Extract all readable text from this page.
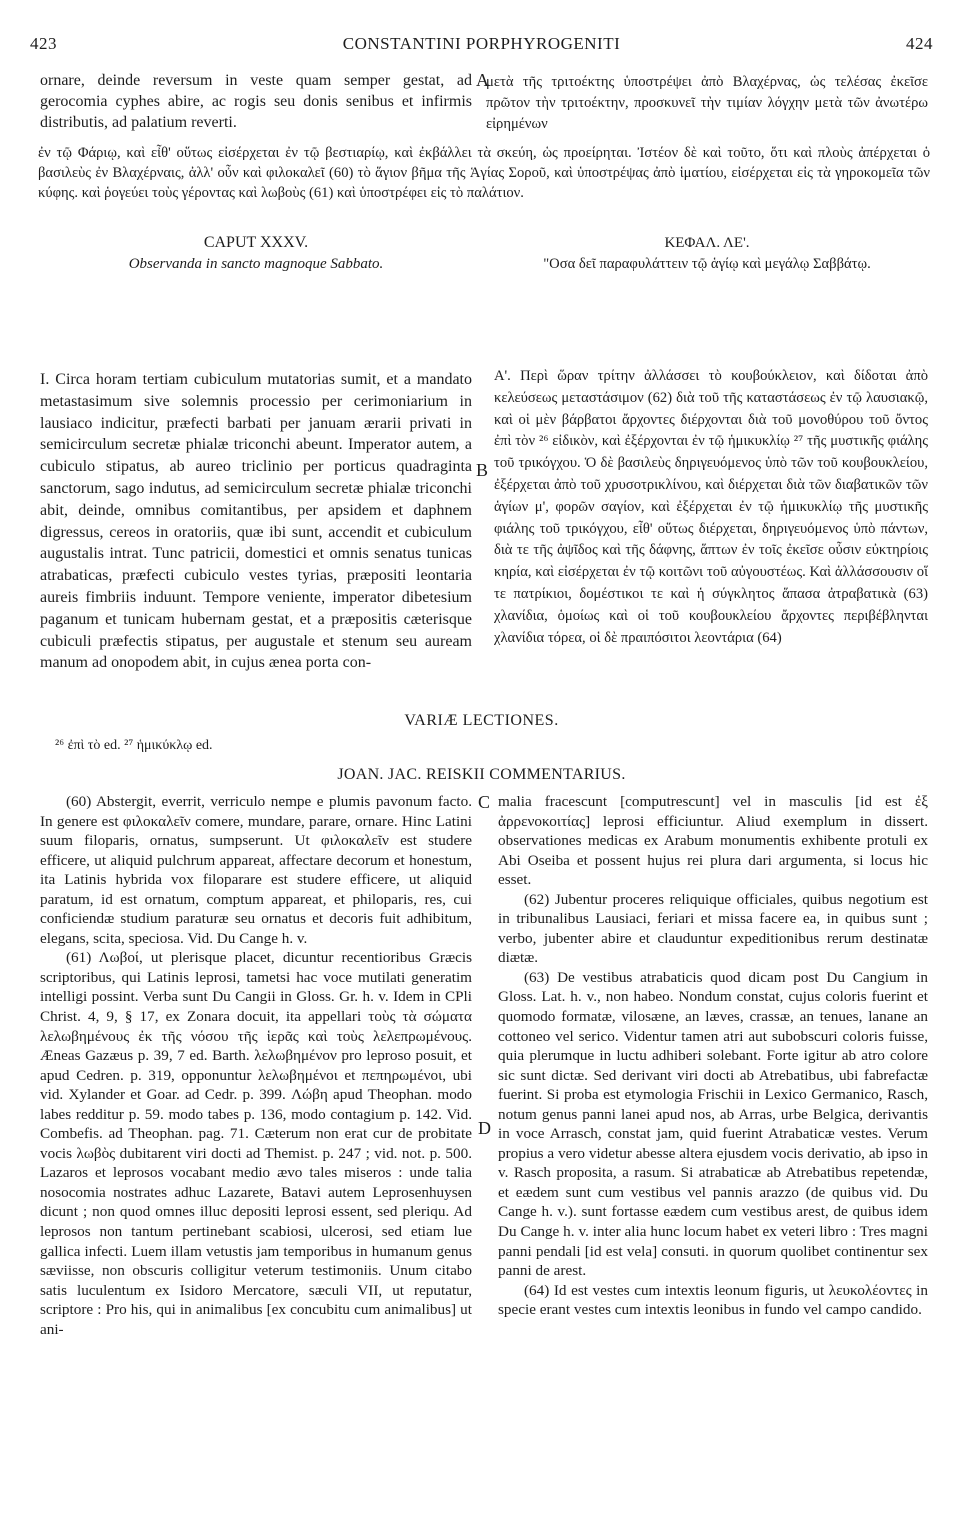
423	CONSTANTINI PORPHYROGENITI	424

ornare, deinde reversum in veste quam semper gestat, ad gerocomia cyphes abire, ac rogis seu donis senibus et infirmis distributis, ad palatium reverti.

A

μετὰ τῆς τριτοέκτης ὑποστρέψει ἀπὸ Βλαχέρνας, ὡς τελέσας ἐκεῖσε πρῶτον τὴν τριτοέκτην, προσκυνεῖ τὴν τιμίαν λόγχην μετὰ τῶν ἀνωτέρω εἰρημένων

ἐν τῷ Φάριῳ, καὶ εἶθ' οὕτως εἰσέρχεται ἐν τῷ βεστιαρίῳ, καὶ ἐκβάλλει τὰ σκεύη, ὡς προείρηται. Ἰστέον δὲ καὶ τοῦτο, ὅτι καὶ πλοὺς ἀπέρχεται ὁ βασιλεὺς ἐν Βλαχέρναις, ἀλλ' οὖν καὶ φιλοκαλεῖ (60) τὸ ἅγιον βῆμα τῆς Ἁγίας Σοροῦ, καὶ ὑποστρέψας ἀπὸ ἱματίου, εἰσέρχεται εἰς τὰ γηροκομεῖα τῶν κύφης. καὶ ῥογεύει τοὺς γέροντας καὶ λωβοὺς (61) καὶ ὑποστρέφει εἰς τὸ παλάτιον.

CAPUT XXXV.	ΚΕΦΑΛ. ΛΕ'.
Observanda in sancto magnoque Sabbato.	"Οσα δεῖ παραφυλάττειν τῷ ἁγίῳ καὶ μεγάλῳ Σαββάτῳ.

I. Circa horam tertiam cubiculum mutatorias sumit, et a mandato metastasimum sive solemnis processio per cerimoniarium in lausiaco indicitur, præfecti barbati per januam ærarii privati in semicirculum secretæ phialæ triconchi abeunt. Imperator autem, a cubiculo stipatus, ab aureo triclinio per porticus quadraginta sanctorum, sago indutus, ad semicirculum secretæ phialæ triconchi abit, deinde, omnibus comitantibus, per apsidem et daphnem digressus, cereos in oratoriis, quæ ibi sunt, accendit et cubiculum augustalis intrat. Tunc patricii, domestici et omnis senatus tunicas atrabaticas, præfecti cubiculo vestes tyrias, præpositi leontaria aureis fimbriis induunt. Tempore veniente, imperator dibetesium paganum et tunicam hubernam gestat, et a præpositis cæterisque cubiculi præfectis stipatus, per augustale et stenum seu auream manum ad onopodem abit, in cujus ænea porta con-

B

Α'. Περὶ ὥραν τρίτην ἀλλάσσει τὸ κουβούκλειον, καὶ δίδοται ἀπὸ κελεύσεως μεταστάσιμον (62) διὰ τοῦ τῆς καταστάσεως ἐν τῷ λαυσιακῷ, καὶ οἱ μὲν βάρβατοι ἄρχοντες διέρχονται διὰ τοῦ μονοθύρου τοῦ ὄντος ἐπὶ τὸν ²⁶ εἰδικὸν, καὶ ἐξέρχονται ἐν τῷ ἡμικυκλίῳ ²⁷ τῆς μυστικῆς φιάλης τοῦ τρικόγχου. Ὁ δὲ βασιλεὺς δηριγευόμενος ὑπὸ τῶν τοῦ κουβουκλείου, ἐξέρχεται ἀπὸ τοῦ χρυσοτρικλίνου, καὶ διέρχεται διὰ τῶν διαβατικῶν τῶν ἁγίων μ', φορῶν σαγίον, καὶ ἐξέρχεται ἐν τῷ ἡμικυκλίῳ τῆς μυστικῆς φιάλης τοῦ τρικόγχου, εἶθ' οὕτως διέρχεται, δηριγευόμενος ὑπὸ πάντων, διὰ τε τῆς ἀψῖδος καὶ τῆς δάφνης, ἅπτων ἐν τοῖς ἐκεῖσε οὖσιν εὐκτηρίοις κηρία, καὶ εἰσέρχεται ἐν τῷ κοιτῶνι τοῦ αὐγουστέως. Καὶ ἀλλάσσουσιν οἵ τε πατρίκιοι, δομέστικοι τε καὶ ἡ σύγκλητος ἅπασα ἀτραβατικὰ (63) χλανίδια, ὁμοίως καὶ οἱ τοῦ κουβουκλείου ἄρχοντες περιβέβληνται χλανίδια τόρεα, οἱ δὲ πραιπόσιτοι λεοντάρια (64)

VARIÆ LECTIONES.
²⁶ ἐπὶ τὸ ed. ²⁷ ἡμικύκλῳ ed.
JOAN. JAC. REISKII COMMENTARIUS.

(60) Abstergit, everrit, verriculo nempe e plumis pavonum facto. In genere est φιλοκαλεῖν comere, mundare, parare, ornare. Hinc Latini suum filoparis, ornatus, sumpserunt. Ut φιλοκαλεῖν est studere efficere, ut aliquid pulchrum appareat, affectare decorum et honestum, ita Latinis hybrida vox filoparare est studere efficere, ut aliquid paratum, id est ornatum, comptum appareat, et philoparis, res, cui conficiendæ studium paraturæ seu ornatus et decoris fuit adhibitum, elegans, scita, speciosa. Vid. Du Cange h. v.

(61) Λωβοί, ut plerisque placet, dicuntur recentioribus Græcis scriptoribus, qui Latinis leprosi, tametsi hac voce mutilati generatim intelligi possint. Verba sunt Du Cangii in Gloss. Gr. h. v. Idem in CPli Christ. 4, 9, § 17, ex Zonara docuit, ita appellari τοὺς τὰ σώματα λελωβημένους ἐκ τῆς νόσου τῆς ἱερᾶς καὶ τοὺς λελεπρωμένους. Æneas Gazæus p. 39, 7 ed. Barth. λελωβημένον pro leproso posuit, et apud Cedren. p. 319, opponuntur λελωβημένοι et πεπηρωμένοι, ubi vid. Xylander et Goar. ad Cedr. p. 399. Λώβη apud Theophan. modo labes redditur p. 59. modo tabes p. 136, modo contagium p. 142. Vid. Combefis. ad Theophan. pag. 71. Cæterum non erat cur de probitate vocis λωβὸς dubitarent viri docti ad Themist. p. 247 ; vid. not. p. 500. Lazaros et leprosos vocabant medio ævo tales miseros : unde talia nosocomia nostrates adhuc Lazarete, Batavi autem Leprosenhuysen dicunt ; non quod omnes illuc depositi leprosi essent, sed pleriqu. Ad leprosos non tantum pertinebant scabiosi, ulcerosi, sed etiam lue gallica infecti. Luem illam vetustis jam temporibus in humanum genus sæviisse, non obscuris colligitur veterum testimoniis. Unum citabo satis luculentum ex Isidoro Mercatore, sæculi VII, ut reputatur, scriptore : Pro his, qui in animalibus [ex concubitu cum animalibus] ut ani-

C
D

malia fracescunt [computrescunt] vel in masculis [id est ἐξ ἀρρενοκοιτίας] leprosi efficiuntur. Aliud exemplum in dissert. observationes medicas ex Arabum monumentis exhibente protuli ex Abi Oseiba et possent hujus rei plura dari argumenta, si locus hic esset.

(62) Jubentur proceres reliquique officiales, quibus negotium est in tribunalibus Lausiaci, feriari et missa facere ea, in quibus sunt ; verbo, jubenter abire et clauduntur expeditionibus rerum destinatæ diætæ.

(63) De vestibus atrabaticis quod dicam post Du Cangium in Gloss. Lat. h. v., non habeo. Nondum constat, cujus coloris fuerint et quomodo formatæ, vilosæne, an læves, crassæ, an tenues, lanane an cottoneo vel serico. Videntur tamen atri aut subobscuri coloris fuisse, quia plerumque in luctu adhiberi solebant. Forte igitur ab atro colore sic sunt dictæ. Sed derivant viri docti ab Atrebatibus, ubi fabrefactæ fuerint. Si proba est etymologia Frischii in Lexico Germanico, Rasch, notum genus panni lanei apud nos, ab Arras, urbe Belgica, derivantis in voce Arrasch, constat jam, quid fuerint Atrabaticæ vestes. Verum propius a vero videtur abesse altera ejusdem vocis derivatio, ab ipso in v. Rasch proposita, a rasum. Si atrabaticæ ab Atrebatibus repetendæ, et eædem sunt cum vestibus vel pannis arazzo (de quibus vid. Du Cange h. v.). sunt fortasse eædem cum vestibus arest, de quibus idem Du Cange h. v. inter alia hunc locum habet ex veteri libro : Tres magni panni pendali [id est vela] consuti. in quorum quolibet continentur sex panni de arest.

(64) Id est vestes cum intextis leonum figuris, ut λευκολέοντες in specie erant vestes cum intextis leonibus in fundo vel campo candido.
